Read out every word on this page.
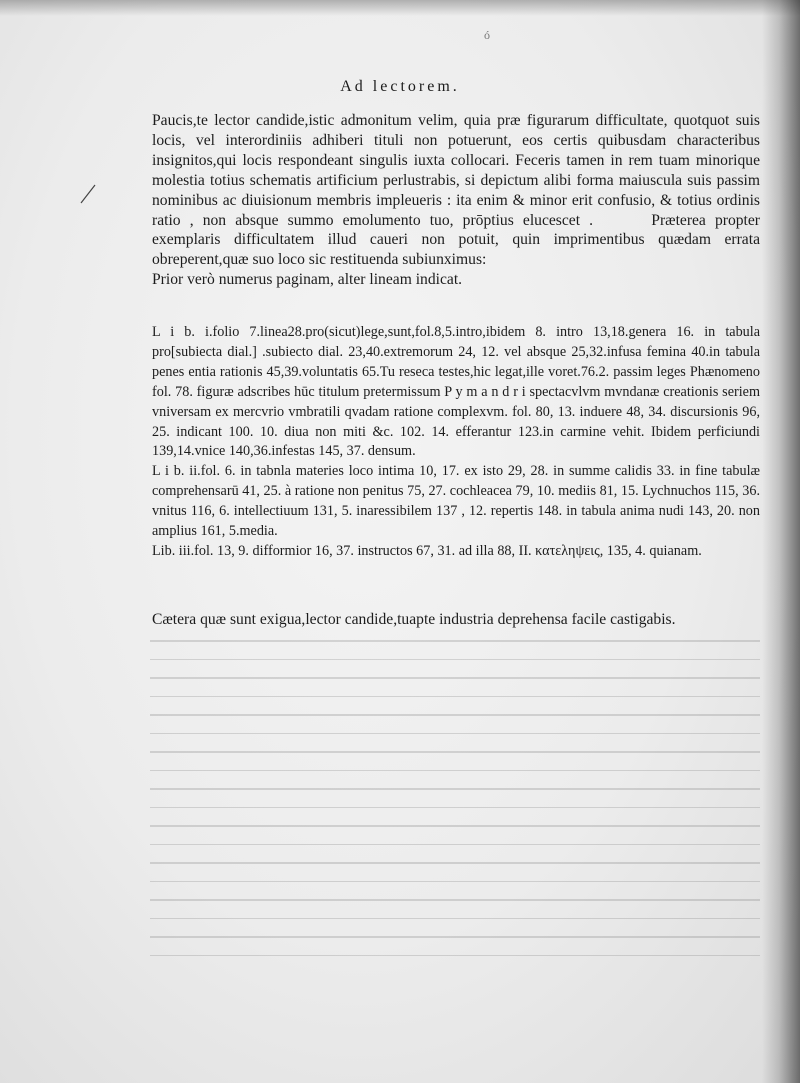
ó
Ad lectorem.
Paucis,te lector candide,istic admonitum velim, quia præ figurarum difficultate, quotquot suis locis, vel interordiniis adhiberi tituli non potuerunt, eos certis quibusdam characteribus insignitos,qui locis respondeant singulis iuxta collocari. Feceris tamen in rem tuam minorique molestia totius schematis artificium perlustrabis, si depictum alibi forma maiuscula suis passim nominibus ac diuisionum membris impleueris : ita enim & minor erit confusio, & totius ordinis ratio , non absque summo emolumento tuo, prōptius elucescet .	Præterea propter exemplaris difficultatem illud caueri non potuit, quin imprimentibus quædam errata obreperent,quæ suo loco sic restituenda subiunximus:
Prior verò numerus paginam, alter lineam indicat.
L i b. i.folio 7.linea28.pro(sicut)lege,sunt,fol.8,5.intro,ibidem 8. intro 13,18.genera 16. in tabula pro[subiecta dial.] .subiecto dial. 23,40.extremorum 24, 12. vel absque 25,32.infusa femina 40.in tabula penes entia rationis 45,39.voluntatis 65.Tu reseca testes,hic legat,ille voret.76.2. passim leges Phænomeno fol. 78. figuræ adscribes hūc titulum pretermissum P y m a n d r i spectacvlvm mvndanæ creationis seriem vniversam ex mercvrio vmbratili qvadam ratione complexvm. fol. 80, 13. induere 48, 34. discursionis 96, 25. indicant 100. 10. diua non miti &c. 102. 14. efferantur 123.in carmine vehit. Ibidem perficiundi 139,14.vnice 140,36.infestas 145, 37. densum.
L i b. ii.fol. 6. in tabnla materies loco intima 10, 17. ex isto 29, 28. in summe calidis 33. in fine tabulæ comprehensarū 41, 25. à ratione non penitus 75, 27. cochleacea 79, 10. mediis 81, 15. Lychnuchos 115, 36. vnitus 116, 6. intellectiuum 131, 5. inaressibilem 137 , 12. repertis 148. in tabula anima nudi 143, 20. non amplius 161, 5.media.
Lib. iii.fol. 13, 9. difformior 16, 37. instructos 67, 31. ad illa 88, II. κατεληψεις, 135, 4. quianam.
Cætera quæ sunt exigua,lector candide,tuapte industria deprehensa facile castigabis.
